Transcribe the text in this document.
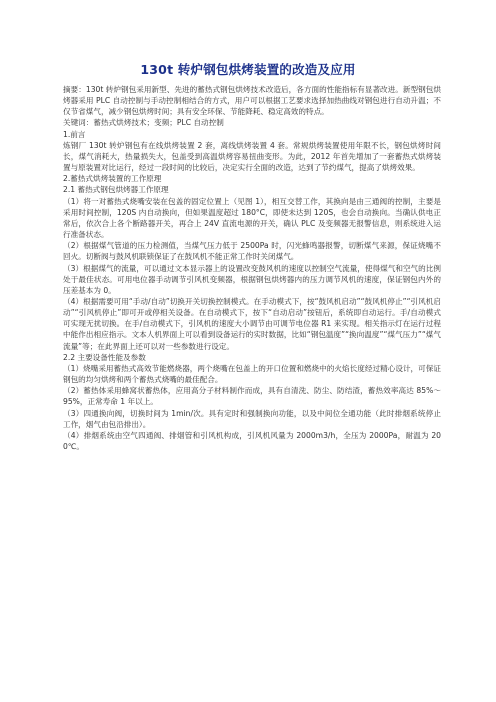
130t 转炉钢包烘烤装置的改造及应用

摘要：130t 转炉钢包采用新型、先进的蓄热式钢包烘烤技术改造后，各方面的性能指标有显著改进。新型钢包烘烤器采用 PLC 自动控制与手动控制相结合的方式，用户可以根据工艺要求选择加热曲线对钢包进行自动升温；不仅节省煤气，减少钢包烘烤时间；具有安全环保、节能降耗、稳定高效的特点。

关键词：蓄热式烘烤技术；变频；PLC 自动控制

1.前言

炼钢厂 130t 转炉钢包有在线烘烤装置 2 套，离线烘烤装置 4 套。常规烘烤装置使用年限不长，钢包烘烤时间长，煤气消耗大，热量损失大，包盖受到高温烘烤容易扭曲变形。为此，2012 年首先增加了一套蓄热式烘烤装置与原装置对比运行，经过一段时间的比较后，决定实行全面的改造，达到了节约煤气，提高了烘烤效果。

2.蓄热式烘烤装置的工作原理

2.1 蓄热式钢包烘烤器工作原理

（1）将一对蓄热式烧嘴安装在包盖的固定位置上（见图 1），相互交替工作，其换向是由三通阀的控制，主要是采用时间控制，120S 内自动换向，但如果温度超过 180°C，即使未达到 120S，也会自动换向。当确认供电正常后，依次合上各个断路器开关，再合上 24V 直流电源的开关，确认 PLC 及变频器无报警信息，则系统进入运行准备状态。

（2）根据煤气管道的压力检测值，当煤气压力低于 2500Pa 时，闪光蜂鸣器报警，切断煤气来源，保证烧嘴不回火。切断阀与鼓风机联锁保证了在鼓风机不能正常工作时关闭煤气。

（3）根据煤气的流量，可以通过文本显示器上的设置改变鼓风机的速度以控制空气流量，使得煤气和空气的比例处于最佳状态。可用电位器手动调节引风机变频器，根据钢包烘烤器内的压力调节风机的速度，保证钢包内外的压差基本为 0。

（4）根据需要可用“手动/自动”切换开关切换控制模式。在手动模式下，按“鼓风机启动”“鼓风机停止”“引风机启动”“引风机停止”即可开或停相关设备。在自动模式下，按下“自动启动”按钮后，系统即自动运行。手/自动模式可实现无扰切换。在手/自动模式下，引风机的速度大小调节由可调节电位器 R1 来实现。相关指示灯在运行过程中能作出相应指示。文本人机界面上可以看到设备运行的实时数据，比如“钢包温度”“换向温度”“煤气压力”“煤气流量”等；在此界面上还可以对一些参数进行设定。

2.2 主要设备性能及参数

（1）烧嘴采用蓄热式高效节能燃烧器，两个烧嘴在包盖上的开口位置和燃烧中的火焰长度经过精心设计，可保证钢包的均匀烘烤和两个蓄热式烧嘴的最佳配合。

（2）蓄热体采用蜂窝状蓄热体，应用高分子材料制作而成，具有自清洗、防尘、防结渣，蓄热效率高达 85%～95%，正常寿命 1 年以上。

（3）四通换向阀，切换时间为 1min/次。具有定时和强制换向功能，以及中间位全通功能（此时排烟系统停止工作，烟气由包沿排出）。

（4）排烟系统由空气四通阀、排烟管和引风机构成，引风机风量为 2000m3/h，全压为 2000Pa，耐温为 200℃。
